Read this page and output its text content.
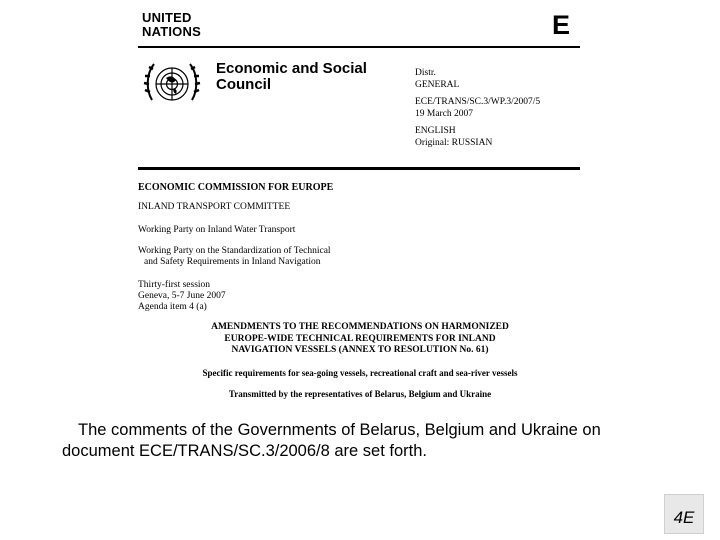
UNITED
NATIONS	E
Economic and Social
Council
Distr.
GENERAL
ECE/TRANS/SC.3/WP.3/2007/5
19 March 2007
ENGLISH
Original: RUSSIAN
ECONOMIC COMMISSION FOR EUROPE
INLAND TRANSPORT COMMITTEE
Working Party on Inland Water Transport
Working Party on the Standardization of Technical
and Safety Requirements in Inland Navigation
Thirty-first session
Geneva, 5-7 June 2007
Agenda item 4 (a)
AMENDMENTS TO THE RECOMMENDATIONS ON HARMONIZED
EUROPE-WIDE TECHNICAL REQUIREMENTS FOR INLAND
NAVIGATION VESSELS (ANNEX TO RESOLUTION No. 61)
Specific requirements for sea-going vessels, recreational craft and sea-river vessels
Transmitted by the representatives of Belarus, Belgium and Ukraine
The comments of the Governments of Belarus, Belgium and Ukraine on
document ECE/TRANS/SC.3/2006/8 are set forth.
4E
